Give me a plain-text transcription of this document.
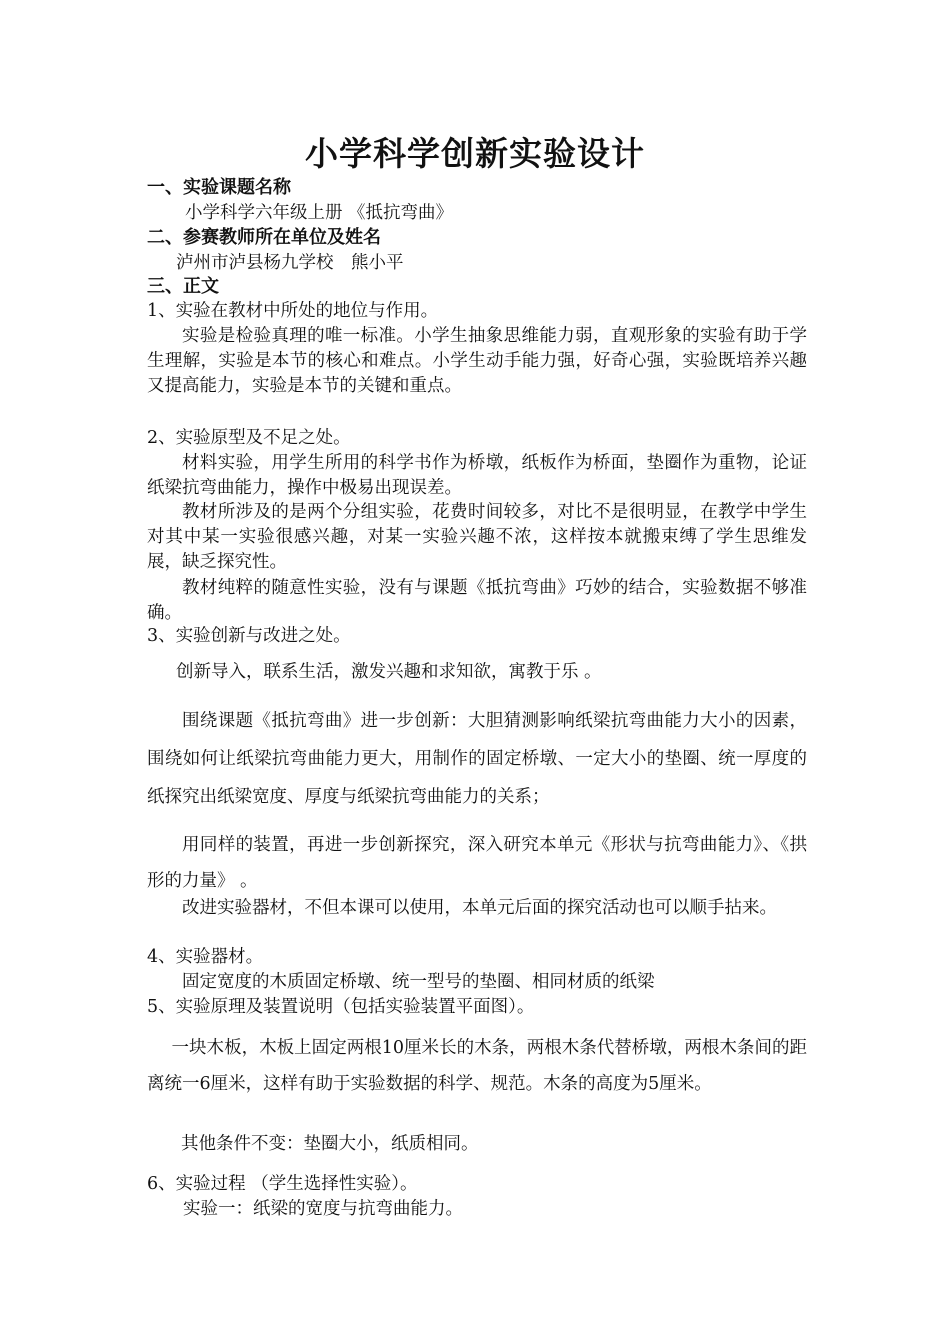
小学科学创新实验设计
一、实验课题名称
小学科学六年级上册 《抵抗弯曲》
二、参赛教师所在单位及姓名
泸州市泸县杨九学校　熊小平
三、正文
1、实验在教材中所处的地位与作用。
实验是检验真理的唯一标准。小学生抽象思维能力弱，直观形象的实验有助于学生理解，实验是本节的核心和难点。小学生动手能力强，好奇心强，实验既培养兴趣又提高能力，实验是本节的关键和重点。
2、实验原型及不足之处。
材料实验，用学生所用的科学书作为桥墩，纸板作为桥面，垫圈作为重物，论证纸梁抗弯曲能力，操作中极易出现误差。
教材所涉及的是两个分组实验，花费时间较多，对比不是很明显，在教学中学生对其中某一实验很感兴趣，对某一实验兴趣不浓，这样按本就搬束缚了学生思维发展，缺乏探究性。
教材纯粹的随意性实验，没有与课题《抵抗弯曲》巧妙的结合，实验数据不够准确。
3、实验创新与改进之处。
创新导入，联系生活，激发兴趣和求知欲，寓教于乐 。
围绕课题《抵抗弯曲》进一步创新：大胆猜测影响纸梁抗弯曲能力大小的因素，围绕如何让纸梁抗弯曲能力更大，用制作的固定桥墩、一定大小的垫圈、统一厚度的纸探究出纸梁宽度、厚度与纸梁抗弯曲能力的关系；
用同样的装置，再进一步创新探究，深入研究本单元《形状与抗弯曲能力》、《拱形的力量》 。
改进实验器材，不但本课可以使用，本单元后面的探究活动也可以顺手拈来。
4、实验器材。
固定宽度的木质固定桥墩、统一型号的垫圈、相同材质的纸梁
5、实验原理及装置说明（包括实验装置平面图）。
一块木板，木板上固定两根10厘米长的木条，两根木条代替桥墩，两根木条间的距离统一6厘米，这样有助于实验数据的科学、规范。木条的高度为5厘米。
其他条件不变：垫圈大小，纸质相同。
6、实验过程 （学生选择性实验）。
实验一：纸梁的宽度与抗弯曲能力。
